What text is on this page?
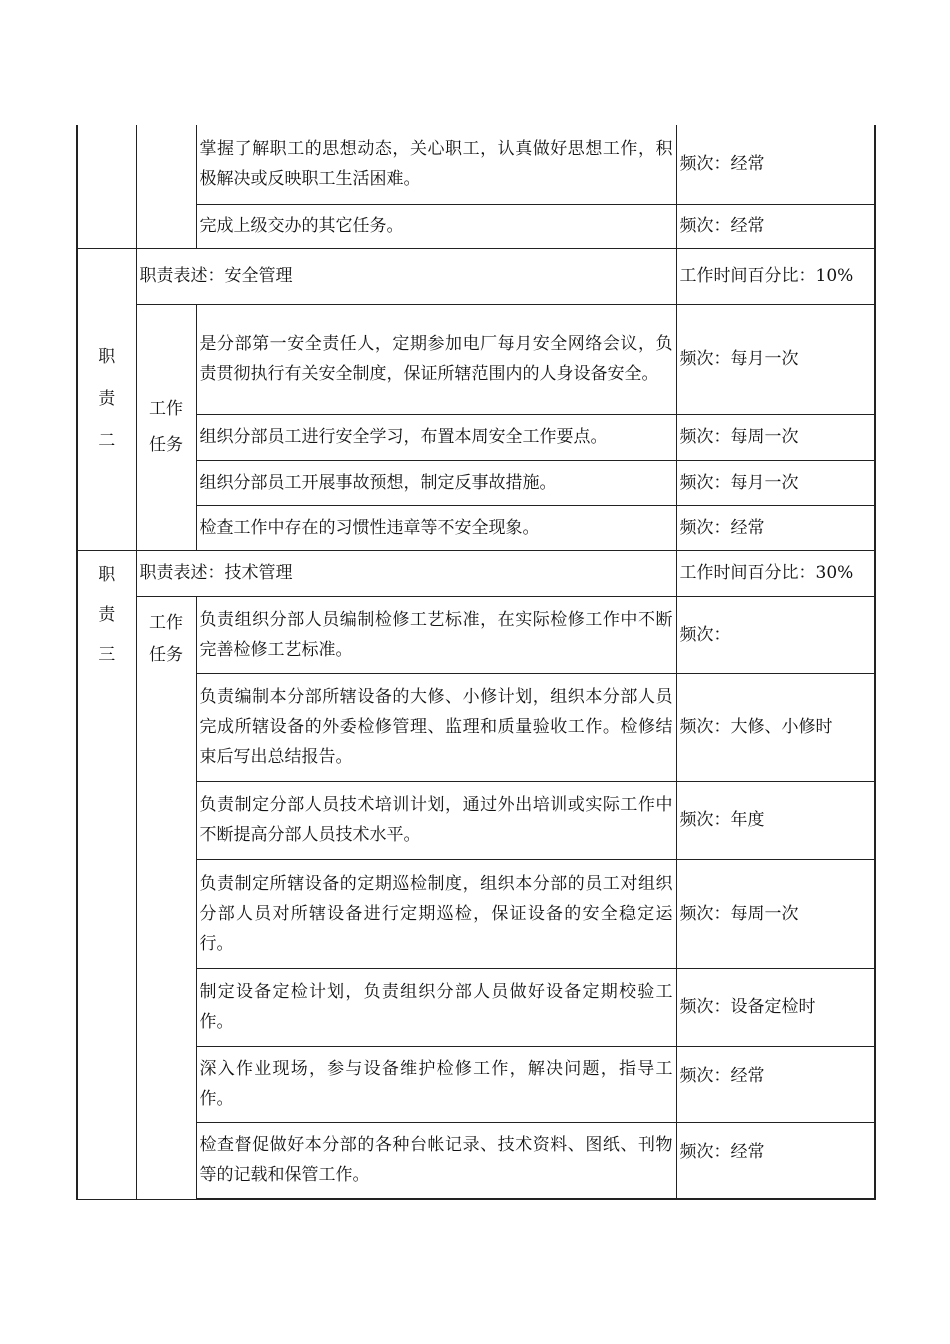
		掌握了解职工的思想动态，关心职工，认真做好思想工作，积极解决或反映职工生活困难。	频次：经常
		完成上级交办的其它任务。	频次：经常

职
责
二	职责表述：安全管理		工作时间百分比：10%

	工作
任务	是分部第一安全责任人，定期参加电厂每月安全网络会议，负责贯彻执行有关安全制度，保证所辖范围内的人身设备安全。	频次：每月一次
		组织分部员工进行安全学习，布置本周安全工作要点。	频次：每周一次
		组织分部员工开展事故预想，制定反事故措施。	频次：每月一次
		检查工作中存在的习惯性违章等不安全现象。	频次：经常

职
责
三	职责表述：技术管理		工作时间百分比：30%

	工作
任务	负责组织分部人员编制检修工艺标准，在实际检修工作中不断完善检修工艺标准。	频次：
		负责编制本分部所辖设备的大修、小修计划，组织本分部人员完成所辖设备的外委检修管理、监理和质量验收工作。检修结束后写出总结报告。	频次：大修、小修时
		负责制定分部人员技术培训计划，通过外出培训或实际工作中不断提高分部人员技术水平。	频次：年度
		负责制定所辖设备的定期巡检制度，组织本分部的员工对组织分部人员对所辖设备进行定期巡检，保证设备的安全稳定运行。	频次：每周一次
		制定设备定检计划，负责组织分部人员做好设备定期校验工作。	频次：设备定检时
		深入作业现场，参与设备维护检修工作，解决问题，指导工作。	频次：经常
		检查督促做好本分部的各种台帐记录、技术资料、图纸、刊物等的记载和保管工作。	频次：经常
